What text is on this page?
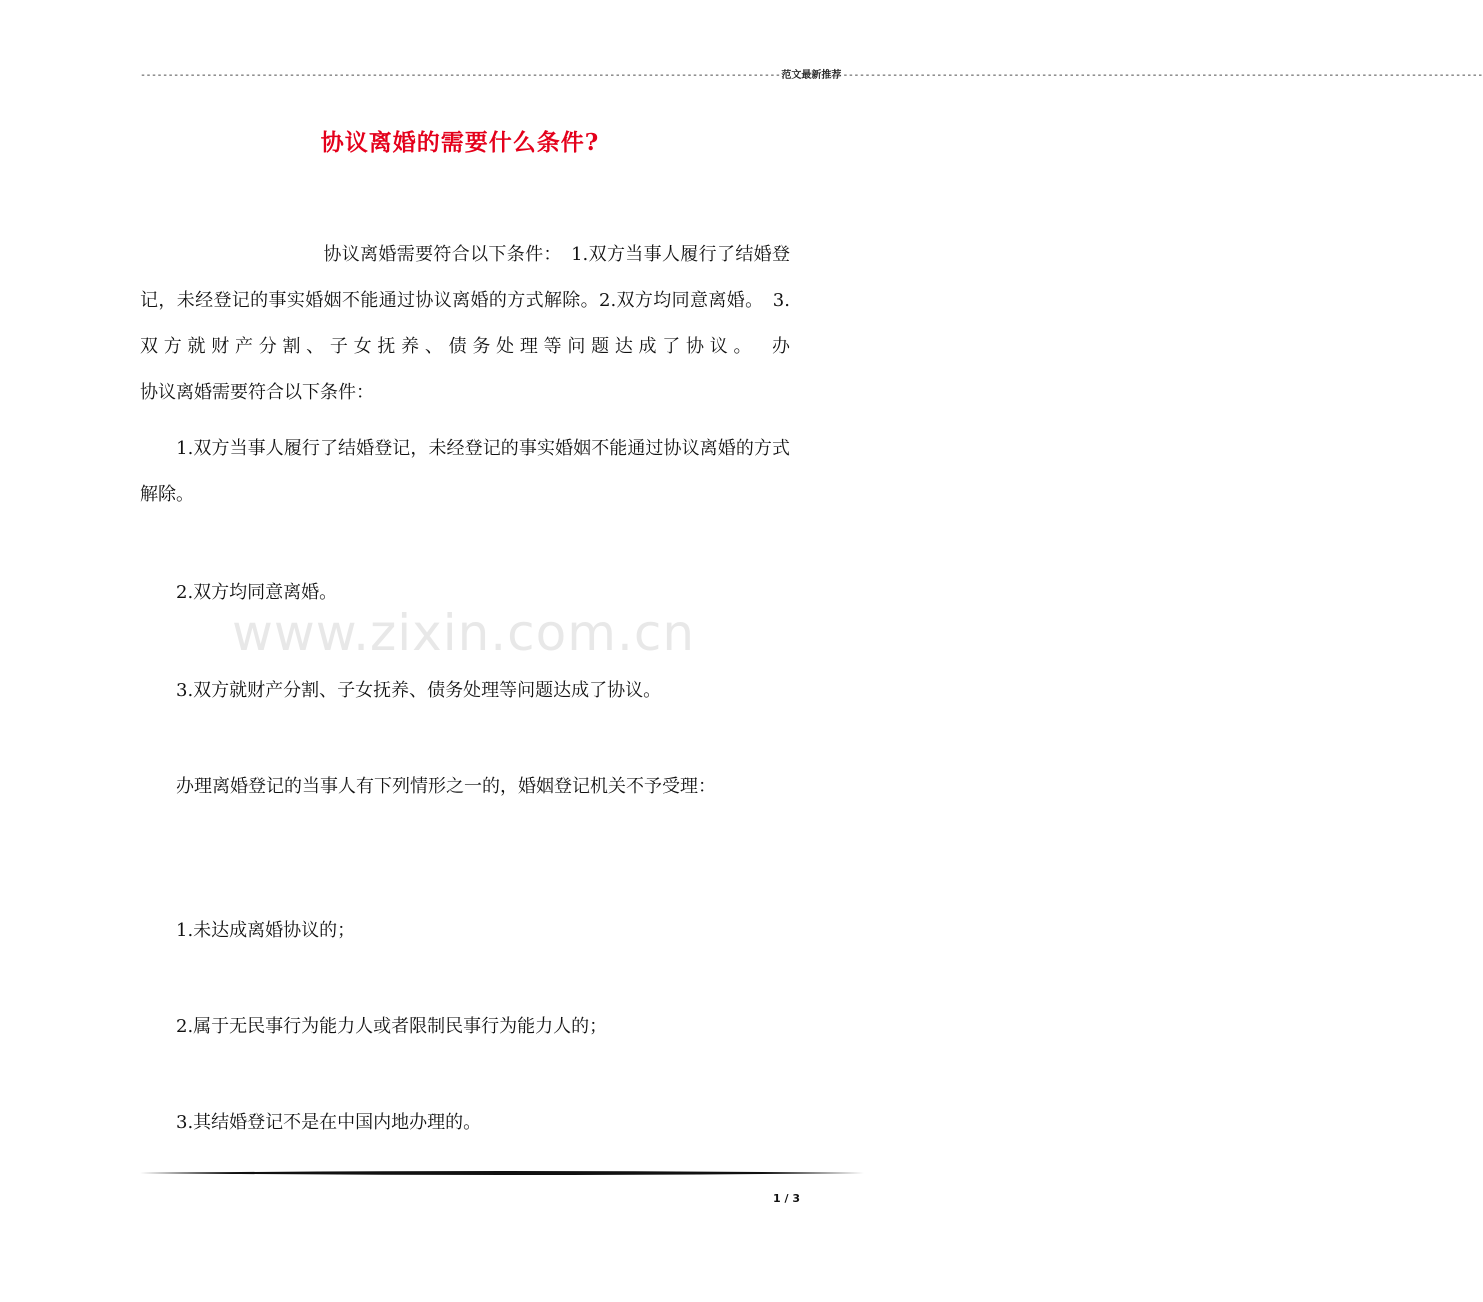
-------------------------------------------------------------------------------------------------------------------- 范文最新推荐 --------------------------------------------------------------------------------------------------------------------
协议离婚的需要什么条件?

　　　　　　　　　　协议离婚需要符合以下条件：　1.双方当事人履行了结婚登记，未经登记的事实婚姻不能通过协议离婚的方式解除。2.双方均同意离婚。　3.双方就财产分割、子女抚养、债务处理等问题达成了协议。　办　　　　　　　　协议离婚需要符合以下条件：

　　1.双方当事人履行了结婚登记，未经登记的事实婚姻不能通过协议离婚的方式解除。

　　2.双方均同意离婚。

　　3.双方就财产分割、子女抚养、债务处理等问题达成了协议。

　　办理离婚登记的当事人有下列情形之一的，婚姻登记机关不予受理：

　　1.未达成离婚协议的；

　　2.属于无民事行为能力人或者限制民事行为能力人的；

　　3.其结婚登记不是在中国内地办理的。

www.zixin.com.cn
1 / 3
